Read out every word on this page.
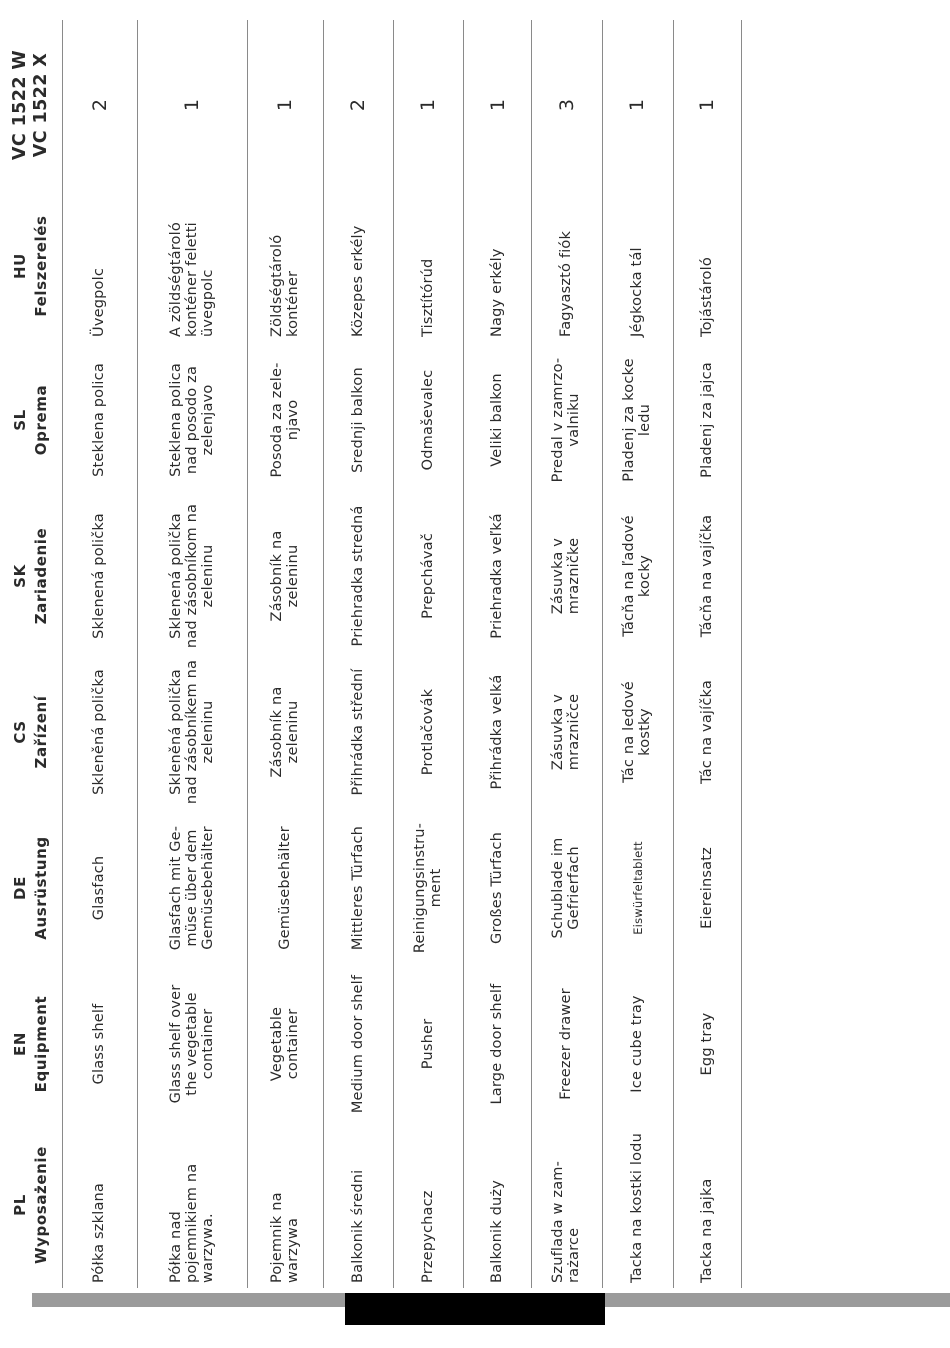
PL Wyposażenie	EN Equipment	DE Ausrüstung	CS Zařízení	SK Zariadenie	SL Oprema	HU Felszerelés	VC 1522 W
VC 1522 X
Półka szklana	Glass shelf	Glasfach	Skleněná polička	Sklenená polička	Steklena polica	Üvegpolc	2
Półka nad pojemnikiem na warzywa.	Glass shelf over the vegetable container	Glasfach mit Ge-müse über dem Gemüsebehälter	Skleněná polička nad zásobníkem na zeleninu	Sklenená polička nad zásobníkom na zeleninu	Steklena polica nad posodo za zelenjavo	A zöldségtároló konténer feletti üvegpolc	1
Pojemnik na warzywa	Vegetable container	Gemüsebehälter	Zásobník na zeleninu	Zásobník na zeleninu	Posoda za zele-njavo	Zöldségtároló konténer	1
Balkonik średni	Medium door shelf	Mittleres Türfach	Přihrádka střední	Priehradka stredná	Srednji balkon	Közepes erkély	2
Przepychacz	Pusher	Reinigungsinstru-ment	Protlačovák	Prepchávač	Odmaševalec	Tisztítórúd	1
Balkonik duży	Large door shelf	Großes Türfach	Přihrádka velká	Priehradka veľká	Veliki balkon	Nagy erkély	1
Szuflada w zam-rażarce	Freezer drawer	Schublade im Gefrierfach	Zásuvka v mrazničce	Zásuvka v mrazničke	Predal v zamrzo-valniku	Fagyasztó fiók	3
Tacka na kostki lodu	Ice cube tray	Eiswürfeltablett	Tác na ledové kostky	Tácňa na ľadové kocky	Pladenj za kocke ledu	Jégkocka tál	1
Tacka na jajka	Egg tray	Eiereinsatz	Tác na vajíčka	Tácňa na vajíčka	Pladenj za jajca	Tojástároló	1
